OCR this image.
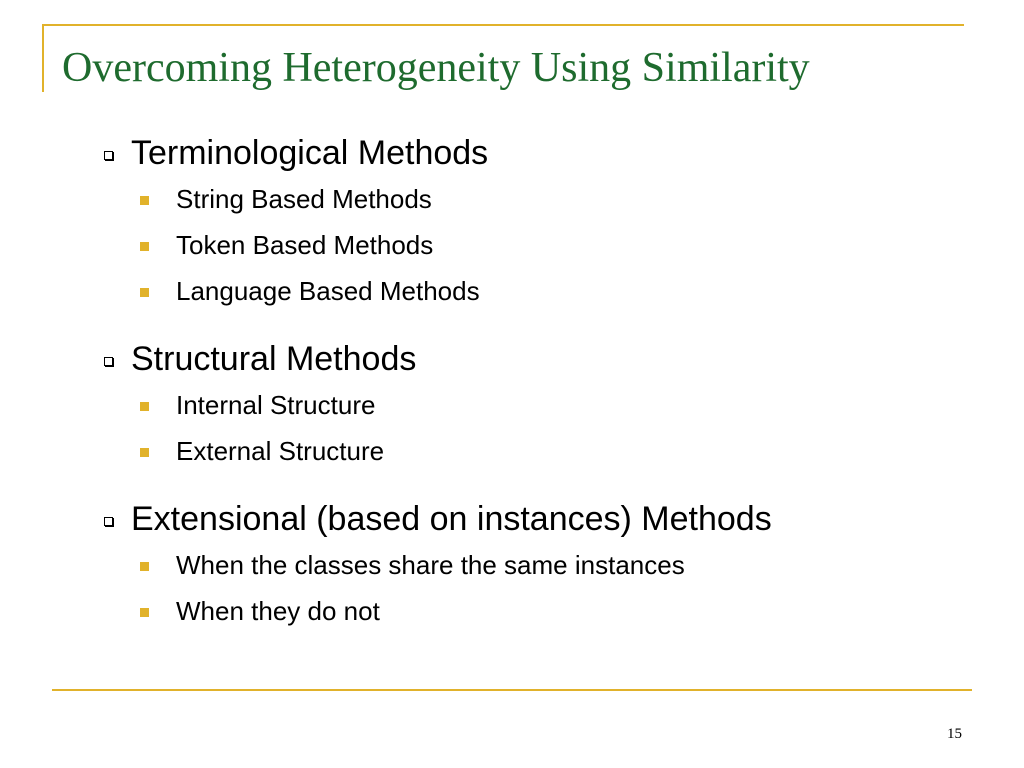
Overcoming Heterogeneity Using Similarity
Terminological Methods
String Based Methods
Token Based Methods
Language Based Methods
Structural Methods
Internal Structure
External Structure
Extensional (based on instances) Methods
When the classes share the same instances
When they do not
15
